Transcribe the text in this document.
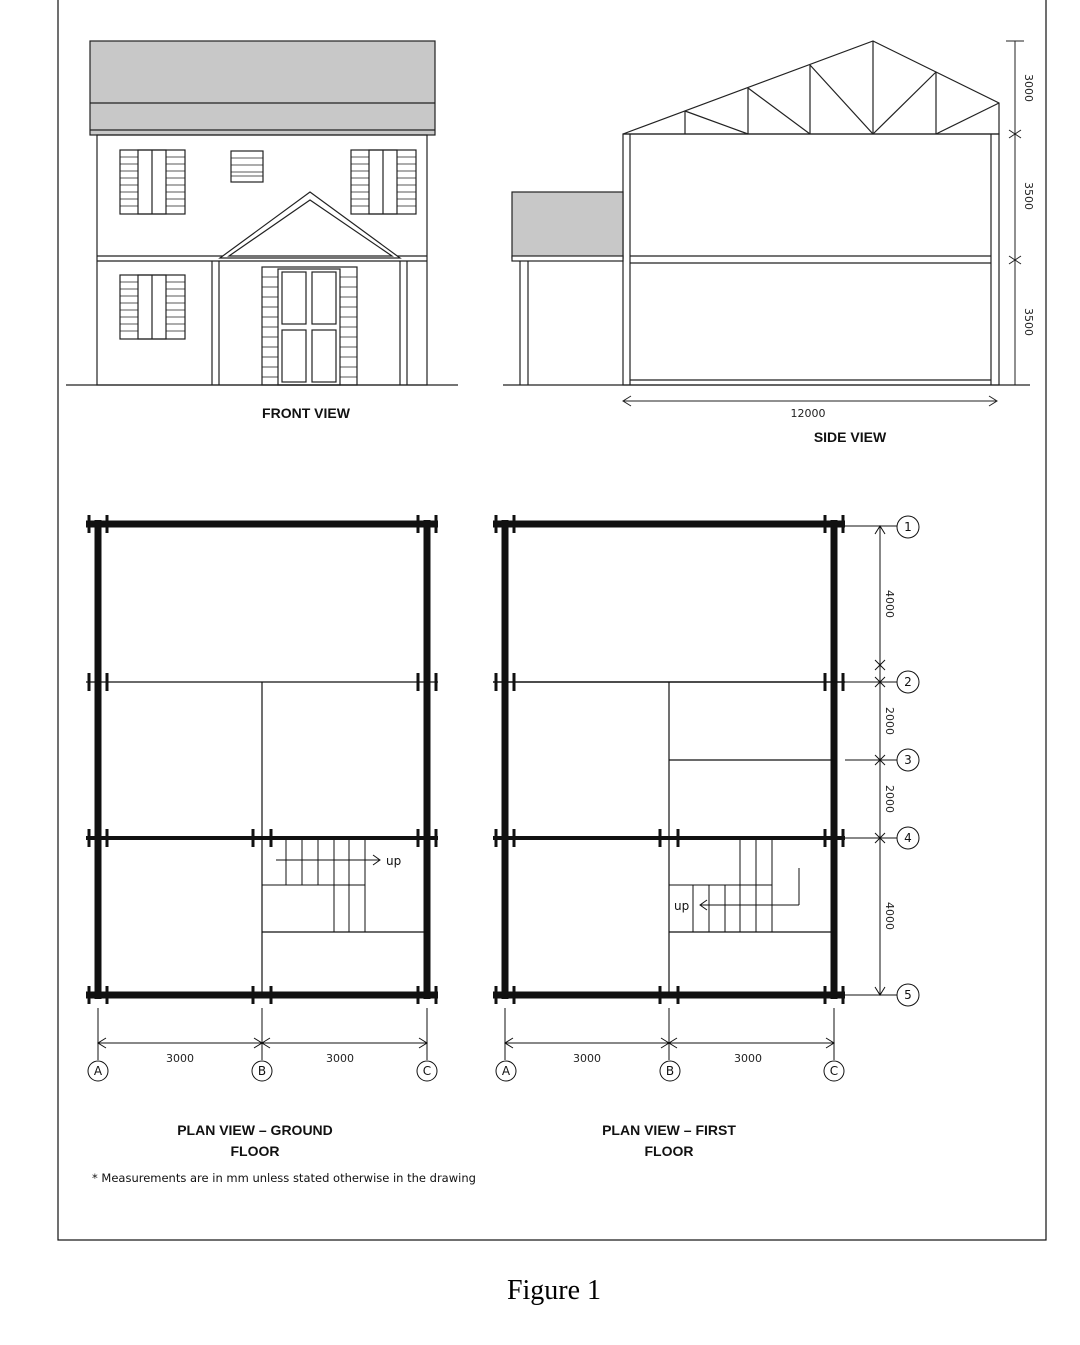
FRONT VIEW
3000
3500
3500
12000
SIDE VIEW
up
3000	3000
A	B	C
PLAN VIEW – GROUND
FLOOR
* Measurements are in mm unless stated otherwise in the drawing
up
3000	3000
A	B	C
1
2
3
4
5
4000
2000
2000
4000
PLAN VIEW – FIRST
FLOOR
Figure 1
